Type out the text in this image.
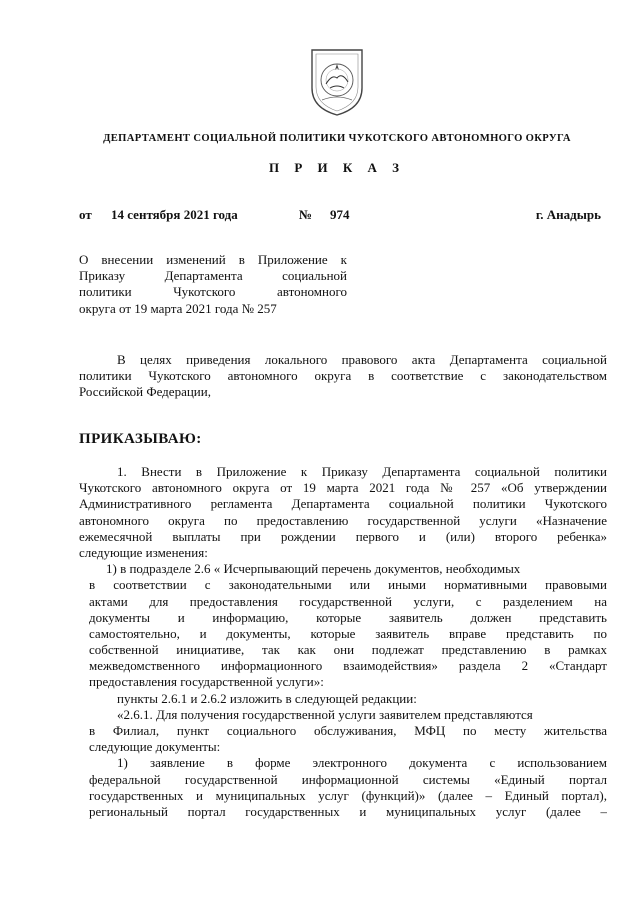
ДЕПАРТАМЕНТ СОЦИАЛЬНОЙ ПОЛИТИКИ ЧУКОТСКОГО АВТОНОМНОГО ОКРУГА
П Р И К А З
от 14 сентября 2021 года	№ 974	г. Анадырь
О внесении изменений в Приложение к
Приказу Департамента социальной
политики Чукотского автономного
округа от 19 марта 2021 года № 257
В целях приведения локального правового акта Департамента социальной
политики Чукотского автономного округа в соответствие с законодательством
Российской Федерации,
ПРИКАЗЫВАЮ:
1. Внести в Приложение к Приказу Департамента социальной политики
Чукотского автономного округа от 19 марта 2021 года № 257 «Об утверждении
Административного регламента Департамента социальной политики Чукотского
автономного округа по предоставлению государственной услуги «Назначение
ежемесячной выплаты при рождении первого и (или) второго ребенка»
следующие изменения:
1) в подразделе 2.6 « Исчерпывающий перечень документов, необходимых
в соответствии с законодательными или иными нормативными правовыми
актами для предоставления государственной услуги, с разделением на
документы и информацию, которые заявитель должен представить
самостоятельно, и документы, которые заявитель вправе представить по
собственной инициативе, так как они подлежат представлению в рамках
межведомственного информационного взаимодействия» раздела 2 «Стандарт
предоставления государственной услуги»:
пункты 2.6.1 и 2.6.2 изложить в следующей редакции:
«2.6.1. Для получения государственной услуги заявителем представляются
в Филиал, пункт социального обслуживания, МФЦ по месту жительства
следующие документы:
1) заявление в форме электронного документа с использованием
федеральной государственной информационной системы «Единый портал
государственных и муниципальных услуг (функций)» (далее – Единый портал),
региональный портал государственных и муниципальных услуг (далее –
